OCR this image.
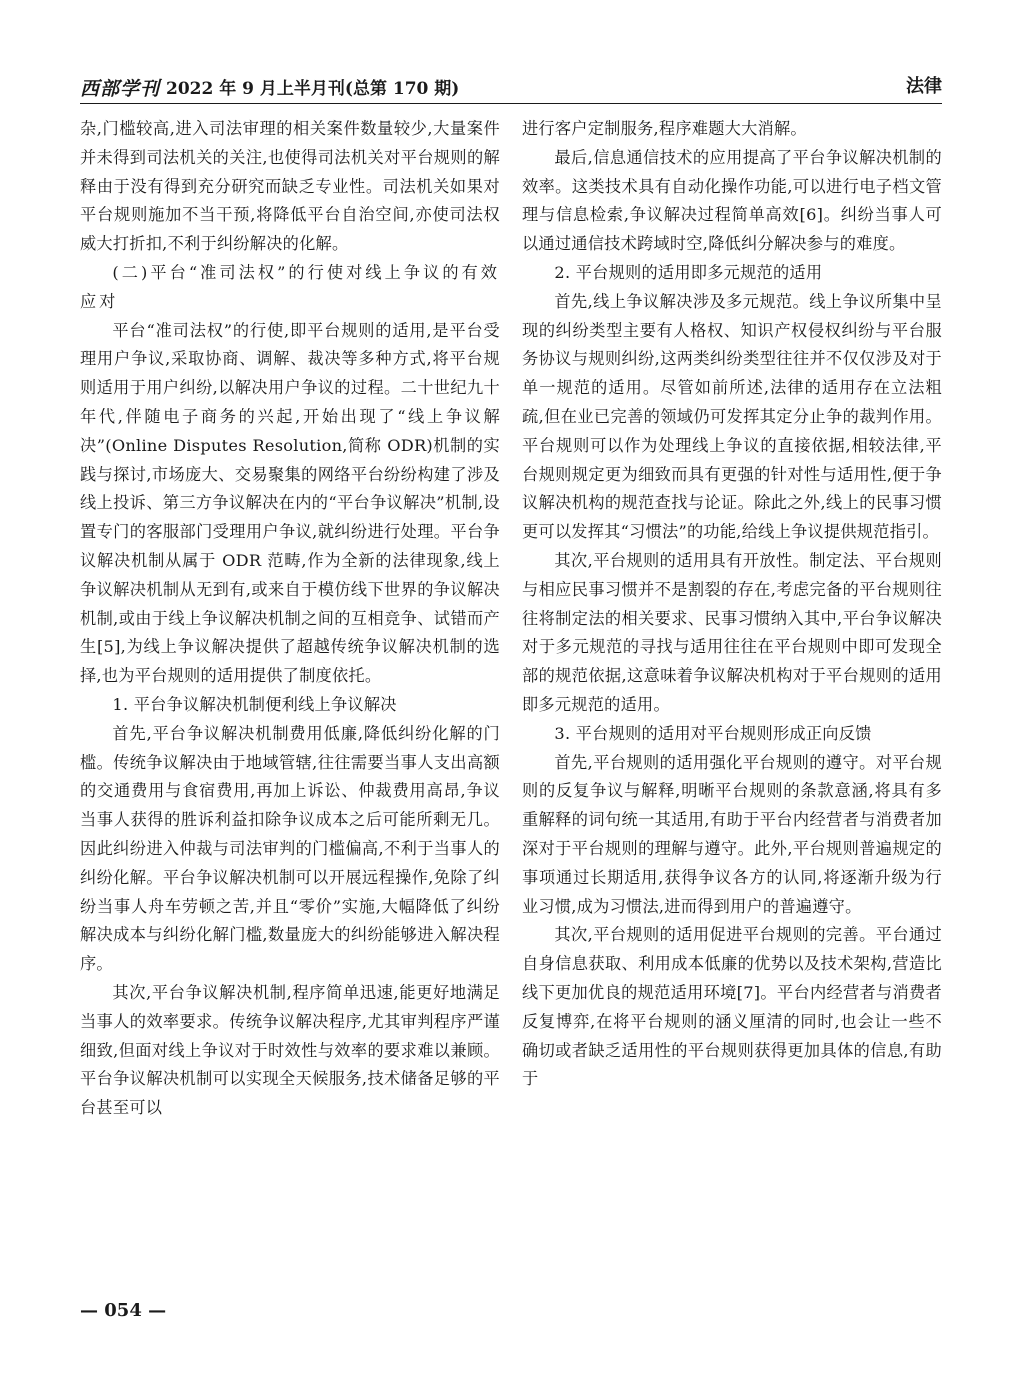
西部学刊 2022 年 9 月上半月刊(总第 170 期)	法律

杂,门槛较高,进入司法审理的相关案件数量较少,大量案件并未得到司法机关的关注,也使得司法机关对平台规则的解释由于没有得到充分研究而缺乏专业性。司法机关如果对平台规则施加不当干预,将降低平台自治空间,亦使司法权威大打折扣,不利于纠纷解决的化解。

(二)平台“准司法权”的行使对线上争议的有效应对

平台“准司法权”的行使,即平台规则的适用,是平台受理用户争议,采取协商、调解、裁决等多种方式,将平台规则适用于用户纠纷,以解决用户争议的过程。二十世纪九十年代,伴随电子商务的兴起,开始出现了“线上争议解决”(Online Disputes Resolution,简称 ODR)机制的实践与探讨,市场庞大、交易聚集的网络平台纷纷构建了涉及线上投诉、第三方争议解决在内的“平台争议解决”机制,设置专门的客服部门受理用户争议,就纠纷进行处理。平台争议解决机制从属于 ODR 范畴,作为全新的法律现象,线上争议解决机制从无到有,或来自于模仿线下世界的争议解决机制,或由于线上争议解决机制之间的互相竞争、试错而产生[5],为线上争议解决提供了超越传统争议解决机制的选择,也为平台规则的适用提供了制度依托。

1. 平台争议解决机制便利线上争议解决

首先,平台争议解决机制费用低廉,降低纠纷化解的门槛。传统争议解决由于地域管辖,往往需要当事人支出高额的交通费用与食宿费用,再加上诉讼、仲裁费用高昂,争议当事人获得的胜诉利益扣除争议成本之后可能所剩无几。因此纠纷进入仲裁与司法审判的门槛偏高,不利于当事人的纠纷化解。平台争议解决机制可以开展远程操作,免除了纠纷当事人舟车劳顿之苦,并且“零价”实施,大幅降低了纠纷解决成本与纠纷化解门槛,数量庞大的纠纷能够进入解决程序。

其次,平台争议解决机制,程序简单迅速,能更好地满足当事人的效率要求。传统争议解决程序,尤其审判程序严谨细致,但面对线上争议对于时效性与效率的要求难以兼顾。平台争议解决机制可以实现全天候服务,技术储备足够的平台甚至可以

进行客户定制服务,程序难题大大消解。

最后,信息通信技术的应用提高了平台争议解决机制的效率。这类技术具有自动化操作功能,可以进行电子档文管理与信息检索,争议解决过程简单高效[6]。纠纷当事人可以通过通信技术跨域时空,降低纠分解决参与的难度。

2. 平台规则的适用即多元规范的适用

首先,线上争议解决涉及多元规范。线上争议所集中呈现的纠纷类型主要有人格权、知识产权侵权纠纷与平台服务协议与规则纠纷,这两类纠纷类型往往并不仅仅涉及对于单一规范的适用。尽管如前所述,法律的适用存在立法粗疏,但在业已完善的领域仍可发挥其定分止争的裁判作用。平台规则可以作为处理线上争议的直接依据,相较法律,平台规则规定更为细致而具有更强的针对性与适用性,便于争议解决机构的规范查找与论证。除此之外,线上的民事习惯更可以发挥其“习惯法”的功能,给线上争议提供规范指引。

其次,平台规则的适用具有开放性。制定法、平台规则与相应民事习惯并不是割裂的存在,考虑完备的平台规则往往将制定法的相关要求、民事习惯纳入其中,平台争议解决对于多元规范的寻找与适用往往在平台规则中即可发现全部的规范依据,这意味着争议解决机构对于平台规则的适用即多元规范的适用。

3. 平台规则的适用对平台规则形成正向反馈

首先,平台规则的适用强化平台规则的遵守。对平台规则的反复争议与解释,明晰平台规则的条款意涵,将具有多重解释的词句统一其适用,有助于平台内经营者与消费者加深对于平台规则的理解与遵守。此外,平台规则普遍规定的事项通过长期适用,获得争议各方的认同,将逐渐升级为行业习惯,成为习惯法,进而得到用户的普遍遵守。

其次,平台规则的适用促进平台规则的完善。平台通过自身信息获取、利用成本低廉的优势以及技术架构,营造比线下更加优良的规范适用环境[7]。平台内经营者与消费者反复博弈,在将平台规则的涵义厘清的同时,也会让一些不确切或者缺乏适用性的平台规则获得更加具体的信息,有助于

— 054 —
